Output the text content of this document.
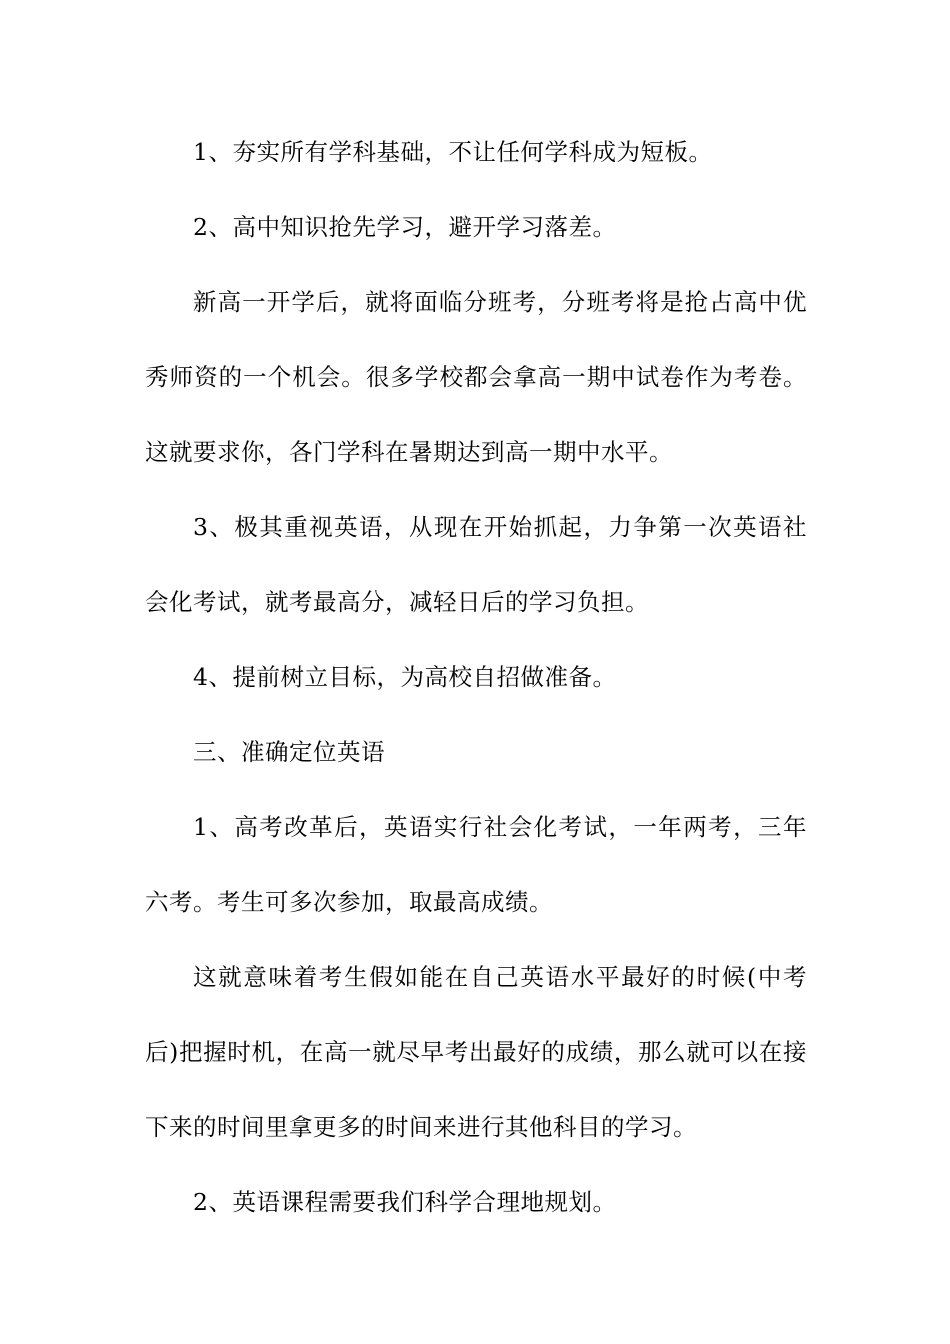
1、夯实所有学科基础，不让任何学科成为短板。

2、高中知识抢先学习，避开学习落差。

新高一开学后，就将面临分班考，分班考将是抢占高中优秀师资的一个机会。很多学校都会拿高一期中试卷作为考卷。这就要求你，各门学科在暑期达到高一期中水平。

3、极其重视英语，从现在开始抓起，力争第一次英语社会化考试，就考最高分，减轻日后的学习负担。

4、提前树立目标，为高校自招做准备。

三、准确定位英语

1、高考改革后，英语实行社会化考试，一年两考，三年六考。考生可多次参加，取最高成绩。

这就意味着考生假如能在自己英语水平最好的时候(中考后)把握时机，在高一就尽早考出最好的成绩，那么就可以在接下来的时间里拿更多的时间来进行其他科目的学习。

2、英语课程需要我们科学合理地规划。
